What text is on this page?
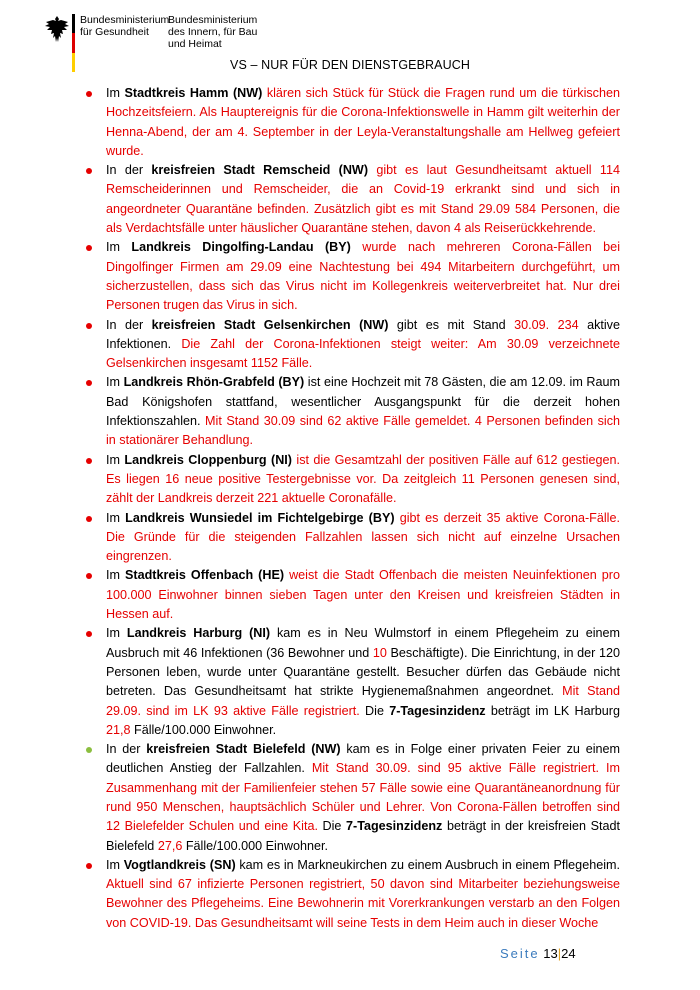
Bundesministerium für Gesundheit
Bundesministerium des Innern, für Bau und Heimat
VS – NUR FÜR DEN DIENSTGEBRAUCH
Im Stadtkreis Hamm (NW) klären sich Stück für Stück die Fragen rund um die türkischen Hochzeitsfeiern. Als Hauptereignis für die Corona-Infektionswelle in Hamm gilt weiterhin der Henna-Abend, der am 4. September in der Leyla-Veranstaltungshalle am Hellweg gefeiert wurde.
In der kreisfreien Stadt Remscheid (NW) gibt es laut Gesundheitsamt aktuell 114 Remscheiderinnen und Remscheider, die an Covid-19 erkrankt sind und sich in angeordneter Quarantäne befinden. Zusätzlich gibt es mit Stand 29.09 584 Personen, die als Verdachtsfälle unter häuslicher Quarantäne stehen, davon 4 als Reiserückkehrende.
Im Landkreis Dingolfing-Landau (BY) wurde nach mehreren Corona-Fällen bei Dingolfinger Firmen am 29.09 eine Nachtestung bei 494 Mitarbeitern durchgeführt, um sicherzustellen, dass sich das Virus nicht im Kollegenkreis weiterverbreitet hat. Nur drei Personen trugen das Virus in sich.
In der kreisfreien Stadt Gelsenkirchen (NW) gibt es mit Stand 30.09. 234 aktive Infektionen. Die Zahl der Corona-Infektionen steigt weiter: Am 30.09 verzeichnete Gelsenkirchen insgesamt 1152 Fälle.
Im Landkreis Rhön-Grabfeld (BY) ist eine Hochzeit mit 78 Gästen, die am 12.09. im Raum Bad Königshofen stattfand, wesentlicher Ausgangspunkt für die derzeit hohen Infektionszahlen. Mit Stand 30.09 sind 62 aktive Fälle gemeldet. 4 Personen befinden sich in stationärer Behandlung.
Im Landkreis Cloppenburg (NI) ist die Gesamtzahl der positiven Fälle auf 612 gestiegen. Es liegen 16 neue positive Testergebnisse vor. Da zeitgleich 11 Personen genesen sind, zählt der Landkreis derzeit 221 aktuelle Coronafälle.
Im Landkreis Wunsiedel im Fichtelgebirge (BY) gibt es derzeit 35 aktive Corona-Fälle. Die Gründe für die steigenden Fallzahlen lassen sich nicht auf einzelne Ursachen eingrenzen.
Im Stadtkreis Offenbach (HE) weist die Stadt Offenbach die meisten Neuinfektionen pro 100.000 Einwohner binnen sieben Tagen unter den Kreisen und kreisfreien Städten in Hessen auf.
Im Landkreis Harburg (NI) kam es in Neu Wulmstorf in einem Pflegeheim zu einem Ausbruch mit 46 Infektionen (36 Bewohner und 10 Beschäftigte). Die Einrichtung, in der 120 Personen leben, wurde unter Quarantäne gestellt. Besucher dürfen das Gebäude nicht betreten. Das Gesundheitsamt hat strikte Hygienemaßnahmen angeordnet. Mit Stand 29.09. sind im LK 93 aktive Fälle registriert. Die 7-Tagesinzidenz beträgt im LK Harburg 21,8 Fälle/100.000 Einwohner.
In der kreisfreien Stadt Bielefeld (NW) kam es in Folge einer privaten Feier zu einem deutlichen Anstieg der Fallzahlen. Mit Stand 30.09. sind 95 aktive Fälle registriert. Im Zusammenhang mit der Familienfeier stehen 57 Fälle sowie eine Quarantäneanordnung für rund 950 Menschen, hauptsächlich Schüler und Lehrer. Von Corona-Fällen betroffen sind 12 Bielefelder Schulen und eine Kita. Die 7-Tagesinzidenz beträgt in der kreisfreien Stadt Bielefeld 27,6 Fälle/100.000 Einwohner.
Im Vogtlandkreis (SN) kam es in Markneukirchen zu einem Ausbruch in einem Pflegeheim. Aktuell sind 67 infizierte Personen registriert, 50 davon sind Mitarbeiter beziehungsweise Bewohner des Pflegeheims. Eine Bewohnerin mit Vorerkrankungen verstarb an den Folgen von COVID-19. Das Gesundheitsamt will seine Tests in dem Heim auch in dieser Woche
Seite 13|24
